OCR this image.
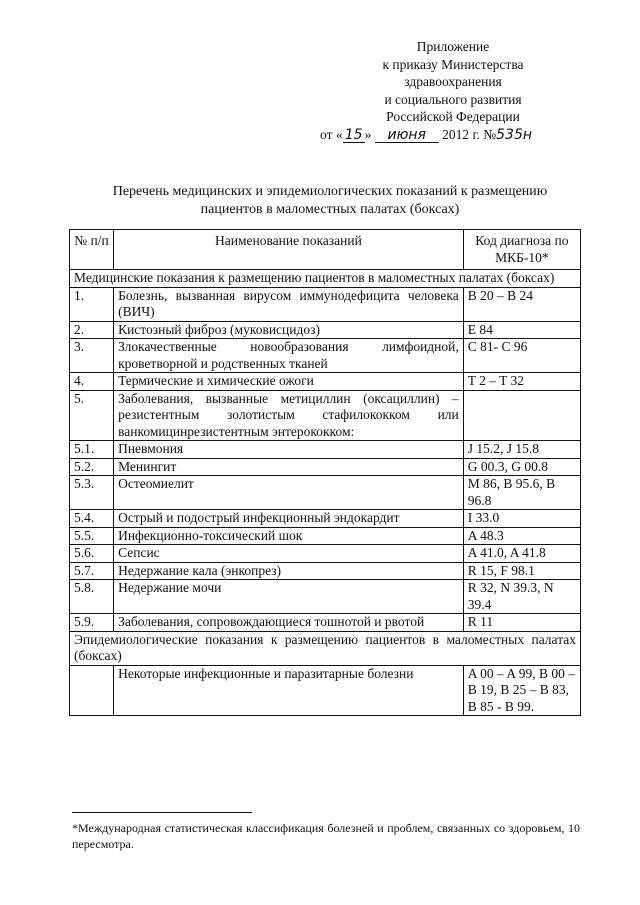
Приложение
к приказу Министерства
здравоохранения
и социального развития
Российской Федерации
от « 15 » июня 2012 г. №535н
Перечень медицинских и эпидемиологических показаний к размещению
пациентов в маломестных палатах (боксах)
№ п/п	Наименование показаний	Код диагноза по МКБ-10*
Медицинские показания к размещению пациентов в маломестных палатах (боксах)		
1.	Болезнь, вызванная вирусом иммунодефицита человека (ВИЧ)	B 20 – B 24
2.	Кистозный фиброз (муковисцидоз)	E 84
3.	Злокачественные новообразования лимфоидной, кроветворной и родственных тканей	C 81- C 96
4.	Термические и химические ожоги	T 2 – T 32
5.	Заболевания, вызванные метициллин (оксациллин) – резистентным золотистым стафилококком или ванкомицинрезистентным энтерококком:	
5.1.	Пневмония	J 15.2, J 15.8
5.2.	Менингит	G 00.3, G 00.8
5.3.	Остеомиелит	M 86, B 95.6, B 96.8
5.4.	Острый и подострый инфекционный эндокардит	I 33.0
5.5.	Инфекционно-токсический шок	A 48.3
5.6.	Сепсис	A 41.0, A 41.8
5.7.	Недержание кала (энкопрез)	R 15, F 98.1
5.8.	Недержание мочи	R 32, N 39.3, N 39.4
5.9.	Заболевания, сопровождающиеся тошнотой и рвотой	R 11
Эпидемиологические показания к размещению пациентов в маломестных палатах (боксах)		
	Некоторые инфекционные и паразитарные болезни	A 00 – A 99, B 00 – B 19, B 25 – B 83, B 85 - B 99.
*Международная статистическая классификация болезней и проблем, связанных со здоровьем, 10 пересмотра.
